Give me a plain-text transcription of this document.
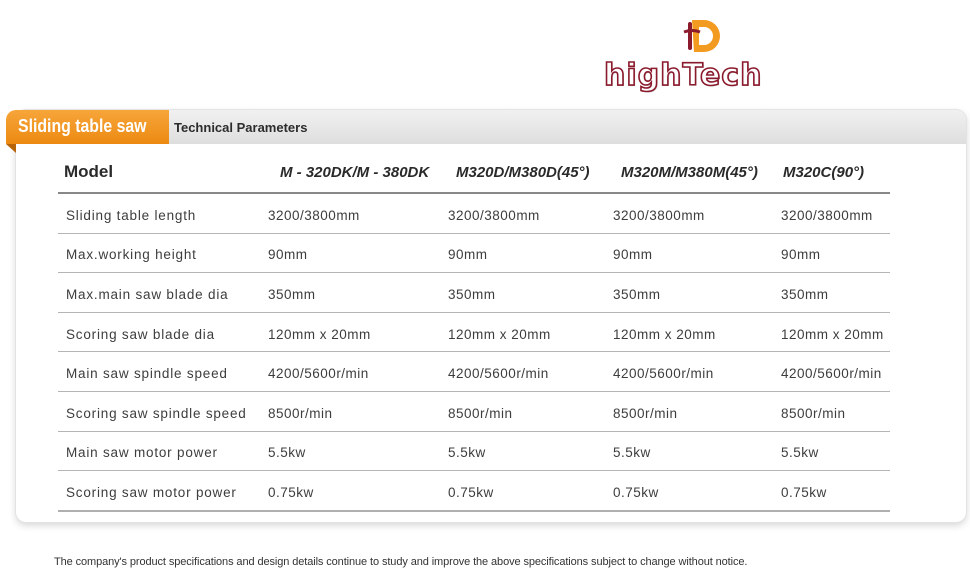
highTech
Sliding table saw Technical Parameters
Model	M - 320DK/M - 380DK	M320D/M380D(45°)	M320M/M380M(45°)	M320C(90°)
Sliding table length	3200/3800mm	3200/3800mm	3200/3800mm	3200/3800mm
Max.working height	90mm	90mm	90mm	90mm
Max.main saw blade dia	350mm	350mm	350mm	350mm
Scoring saw blade dia	120mm x 20mm	120mm x 20mm	120mm x 20mm	120mm x 20mm
Main saw spindle speed	4200/5600r/min	4200/5600r/min	4200/5600r/min	4200/5600r/min
Scoring saw spindle speed	8500r/min	8500r/min	8500r/min	8500r/min
Main saw motor power	5.5kw	5.5kw	5.5kw	5.5kw
Scoring saw motor power	0.75kw	0.75kw	0.75kw	0.75kw
The company's product specifications and design details continue to study and improve the above specifications subject to change without notice.
